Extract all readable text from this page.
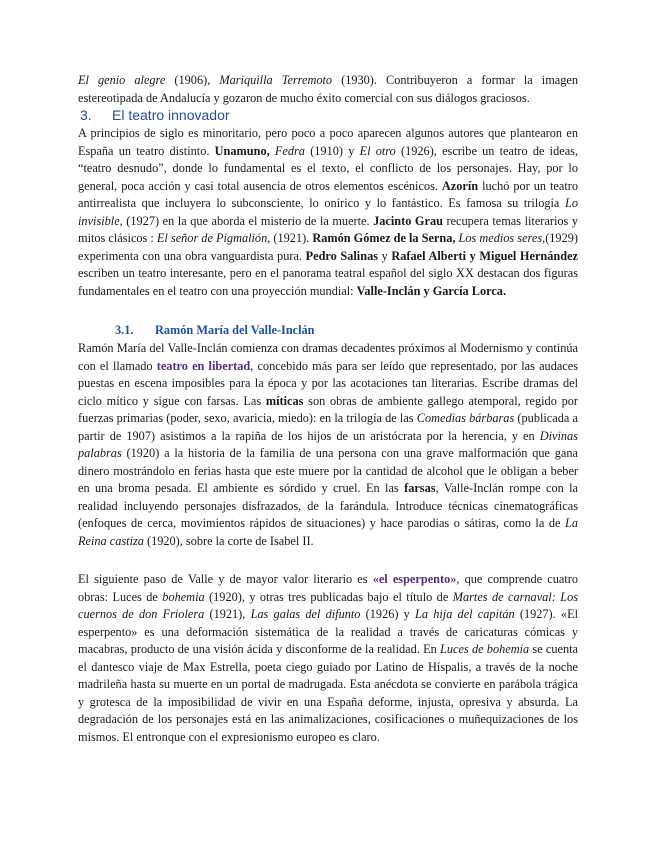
El genio alegre (1906), Mariquilla Terremoto (1930). Contribuyeron a formar la imagen estereotipada de Andalucía y gozaron de mucho éxito comercial con sus diálogos graciosos.
3. El teatro innovador
A principios de siglo es minoritario, pero poco a poco aparecen algunos autores que plantearon en España un teatro distinto. Unamuno, Fedra (1910) y El otro (1926), escribe un teatro de ideas, “teatro desnudo”, donde lo fundamental es el texto, el conflicto de los personajes. Hay, por lo general, poca acción y casi total ausencia de otros elementos escénicos. Azorín luchó por un teatro antirrealista que incluyera lo subconsciente, lo onírico y lo fantástico. Es famosa su trilogía Lo invisible, (1927) en la que aborda el misterio de la muerte. Jacinto Grau recupera temas literarios y mitos clásicos : El señor de Pigmalión, (1921). Ramón Gómez de la Serna, Los medios seres,(1929) experimenta con una obra vanguardista pura. Pedro Salinas y Rafael Alberti y Miguel Hernández escriben un teatro interesante, pero en el panorama teatral español del siglo XX destacan dos figuras fundamentales en el teatro con una proyección mundial: Valle-Inclán y García Lorca.
3.1. Ramón María del Valle-Inclán
Ramón María del Valle-Inclán comienza con dramas decadentes próximos al Modernismo y continúa con el llamado teatro en libertad, concebido más para ser leído que representado, por las audaces puestas en escena imposibles para la época y por las acotaciones tan literarias. Escribe dramas del ciclo mítico y sigue con farsas. Las míticas son obras de ambiente gallego atemporal, regido por fuerzas primarias (poder, sexo, avaricia, miedo): en la trilogía de las Comedias bárbaras (publicada a partir de 1907) asistimos a la rapiña de los hijos de un aristócrata por la herencia, y en Divinas palabras (1920) a la historia de la familia de una persona con una grave malformación que gana dinero mostrándolo en ferias hasta que este muere por la cantidad de alcohol que le obligan a beber en una broma pesada. El ambiente es sórdido y cruel. En las farsas, Valle-Inclán rompe con la realidad incluyendo personajes disfrazados, de la farándula. Introduce técnicas cinematográficas (enfoques de cerca, movimientos rápidos de situaciones) y hace parodias o sátiras, como la de La Reina castiza (1920), sobre la corte de Isabel II.
El siguiente paso de Valle y de mayor valor literario es «el esperpento», que comprende cuatro obras: Luces de bohemia (1920), y otras tres publicadas bajo el título de Martes de carnaval: Los cuernos de don Friolera (1921), Las galas del difunto (1926) y La hija del capitán (1927). «El esperpento» es una deformación sistemática de la realidad a través de caricaturas cómicas y macabras, producto de una visión ácida y disconforme de la realidad. En Luces de bohemia se cuenta el dantesco viaje de Max Estrella, poeta ciego guiado por Latino de Híspalis, a través de la noche madrileña hasta su muerte en un portal de madrugada. Esta anécdota se convierte en parábola trágica y grotesca de la imposibilidad de vivir en una España deforme, injusta, opresiva y absurda. La degradación de los personajes está en las animalizaciones, cosificaciones o muñequizaciones de los mismos. El entronque con el expresionismo europeo es claro.
